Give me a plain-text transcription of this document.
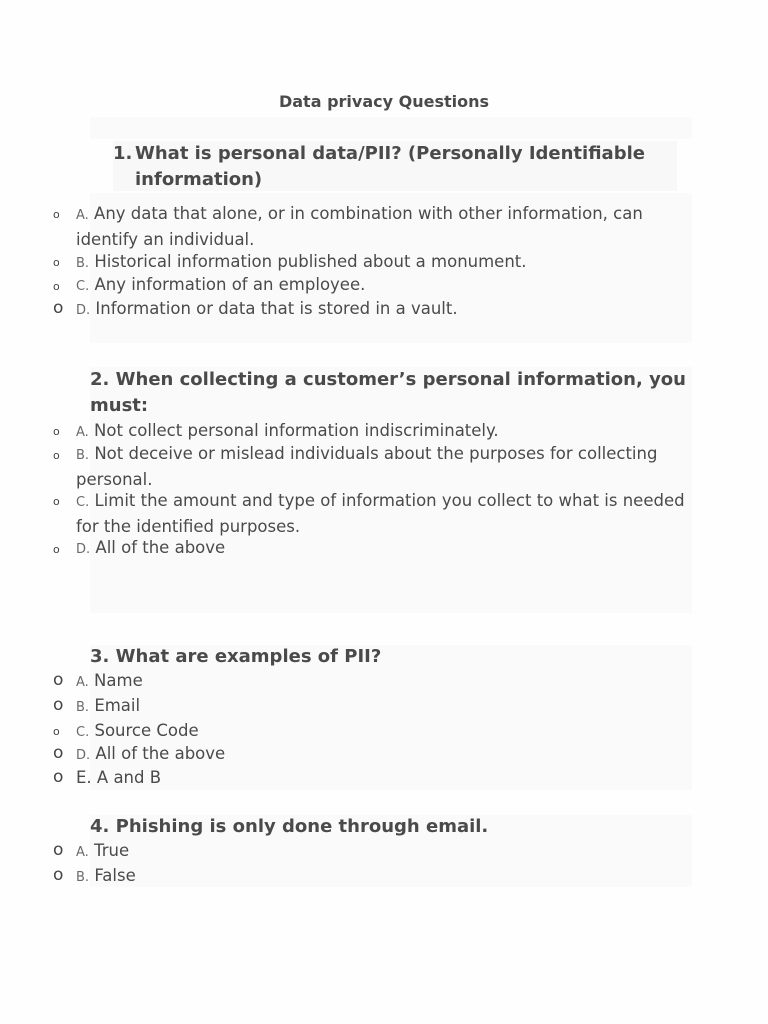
Data privacy Questions
1. What is personal data/PII? (Personally Identifiable information)
o A. Any data that alone, or in combination with other information, can identify an individual.
o B. Historical information published about a monument.
o C. Any information of an employee.
o D. Information or data that is stored in a vault.
2. When collecting a customer’s personal information, you must:
o A. Not collect personal information indiscriminately.
o B. Not deceive or mislead individuals about the purposes for collecting personal.
o C. Limit the amount and type of information you collect to what is needed for the identified purposes.
o D. All of the above
3. What are examples of PII?
o A. Name
o B. Email
o C. Source Code
o D. All of the above
o E. A and B
4. Phishing is only done through email.
o A. True
o B. False
